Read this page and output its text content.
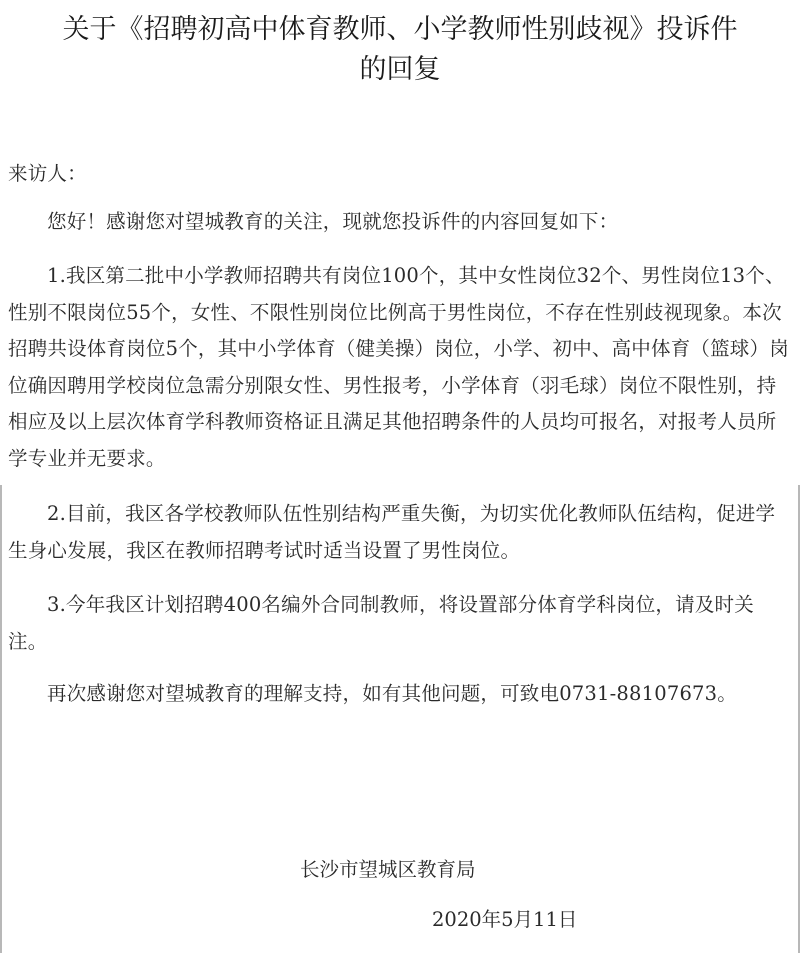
关于《招聘初高中体育教师、小学教师性别歧视》投诉件
的回复

来访人：

您好！感谢您对望城教育的关注，现就您投诉件的内容回复如下：

1.我区第二批中小学教师招聘共有岗位100个，其中女性岗位32个、男性岗位13个、性别不限岗位55个，女性、不限性别岗位比例高于男性岗位，不存在性别歧视现象。本次招聘共设体育岗位5个，其中小学体育（健美操）岗位，小学、初中、高中体育（篮球）岗位确因聘用学校岗位急需分别限女性、男性报考，小学体育（羽毛球）岗位不限性别，持相应及以上层次体育学科教师资格证且满足其他招聘条件的人员均可报名，对报考人员所学专业并无要求。

2.目前，我区各学校教师队伍性别结构严重失衡，为切实优化教师队伍结构，促进学生身心发展，我区在教师招聘考试时适当设置了男性岗位。

3.今年我区计划招聘400名编外合同制教师，将设置部分体育学科岗位，请及时关注。

再次感谢您对望城教育的理解支持，如有其他问题，可致电0731-88107673。

长沙市望城区教育局
2020年5月11日
